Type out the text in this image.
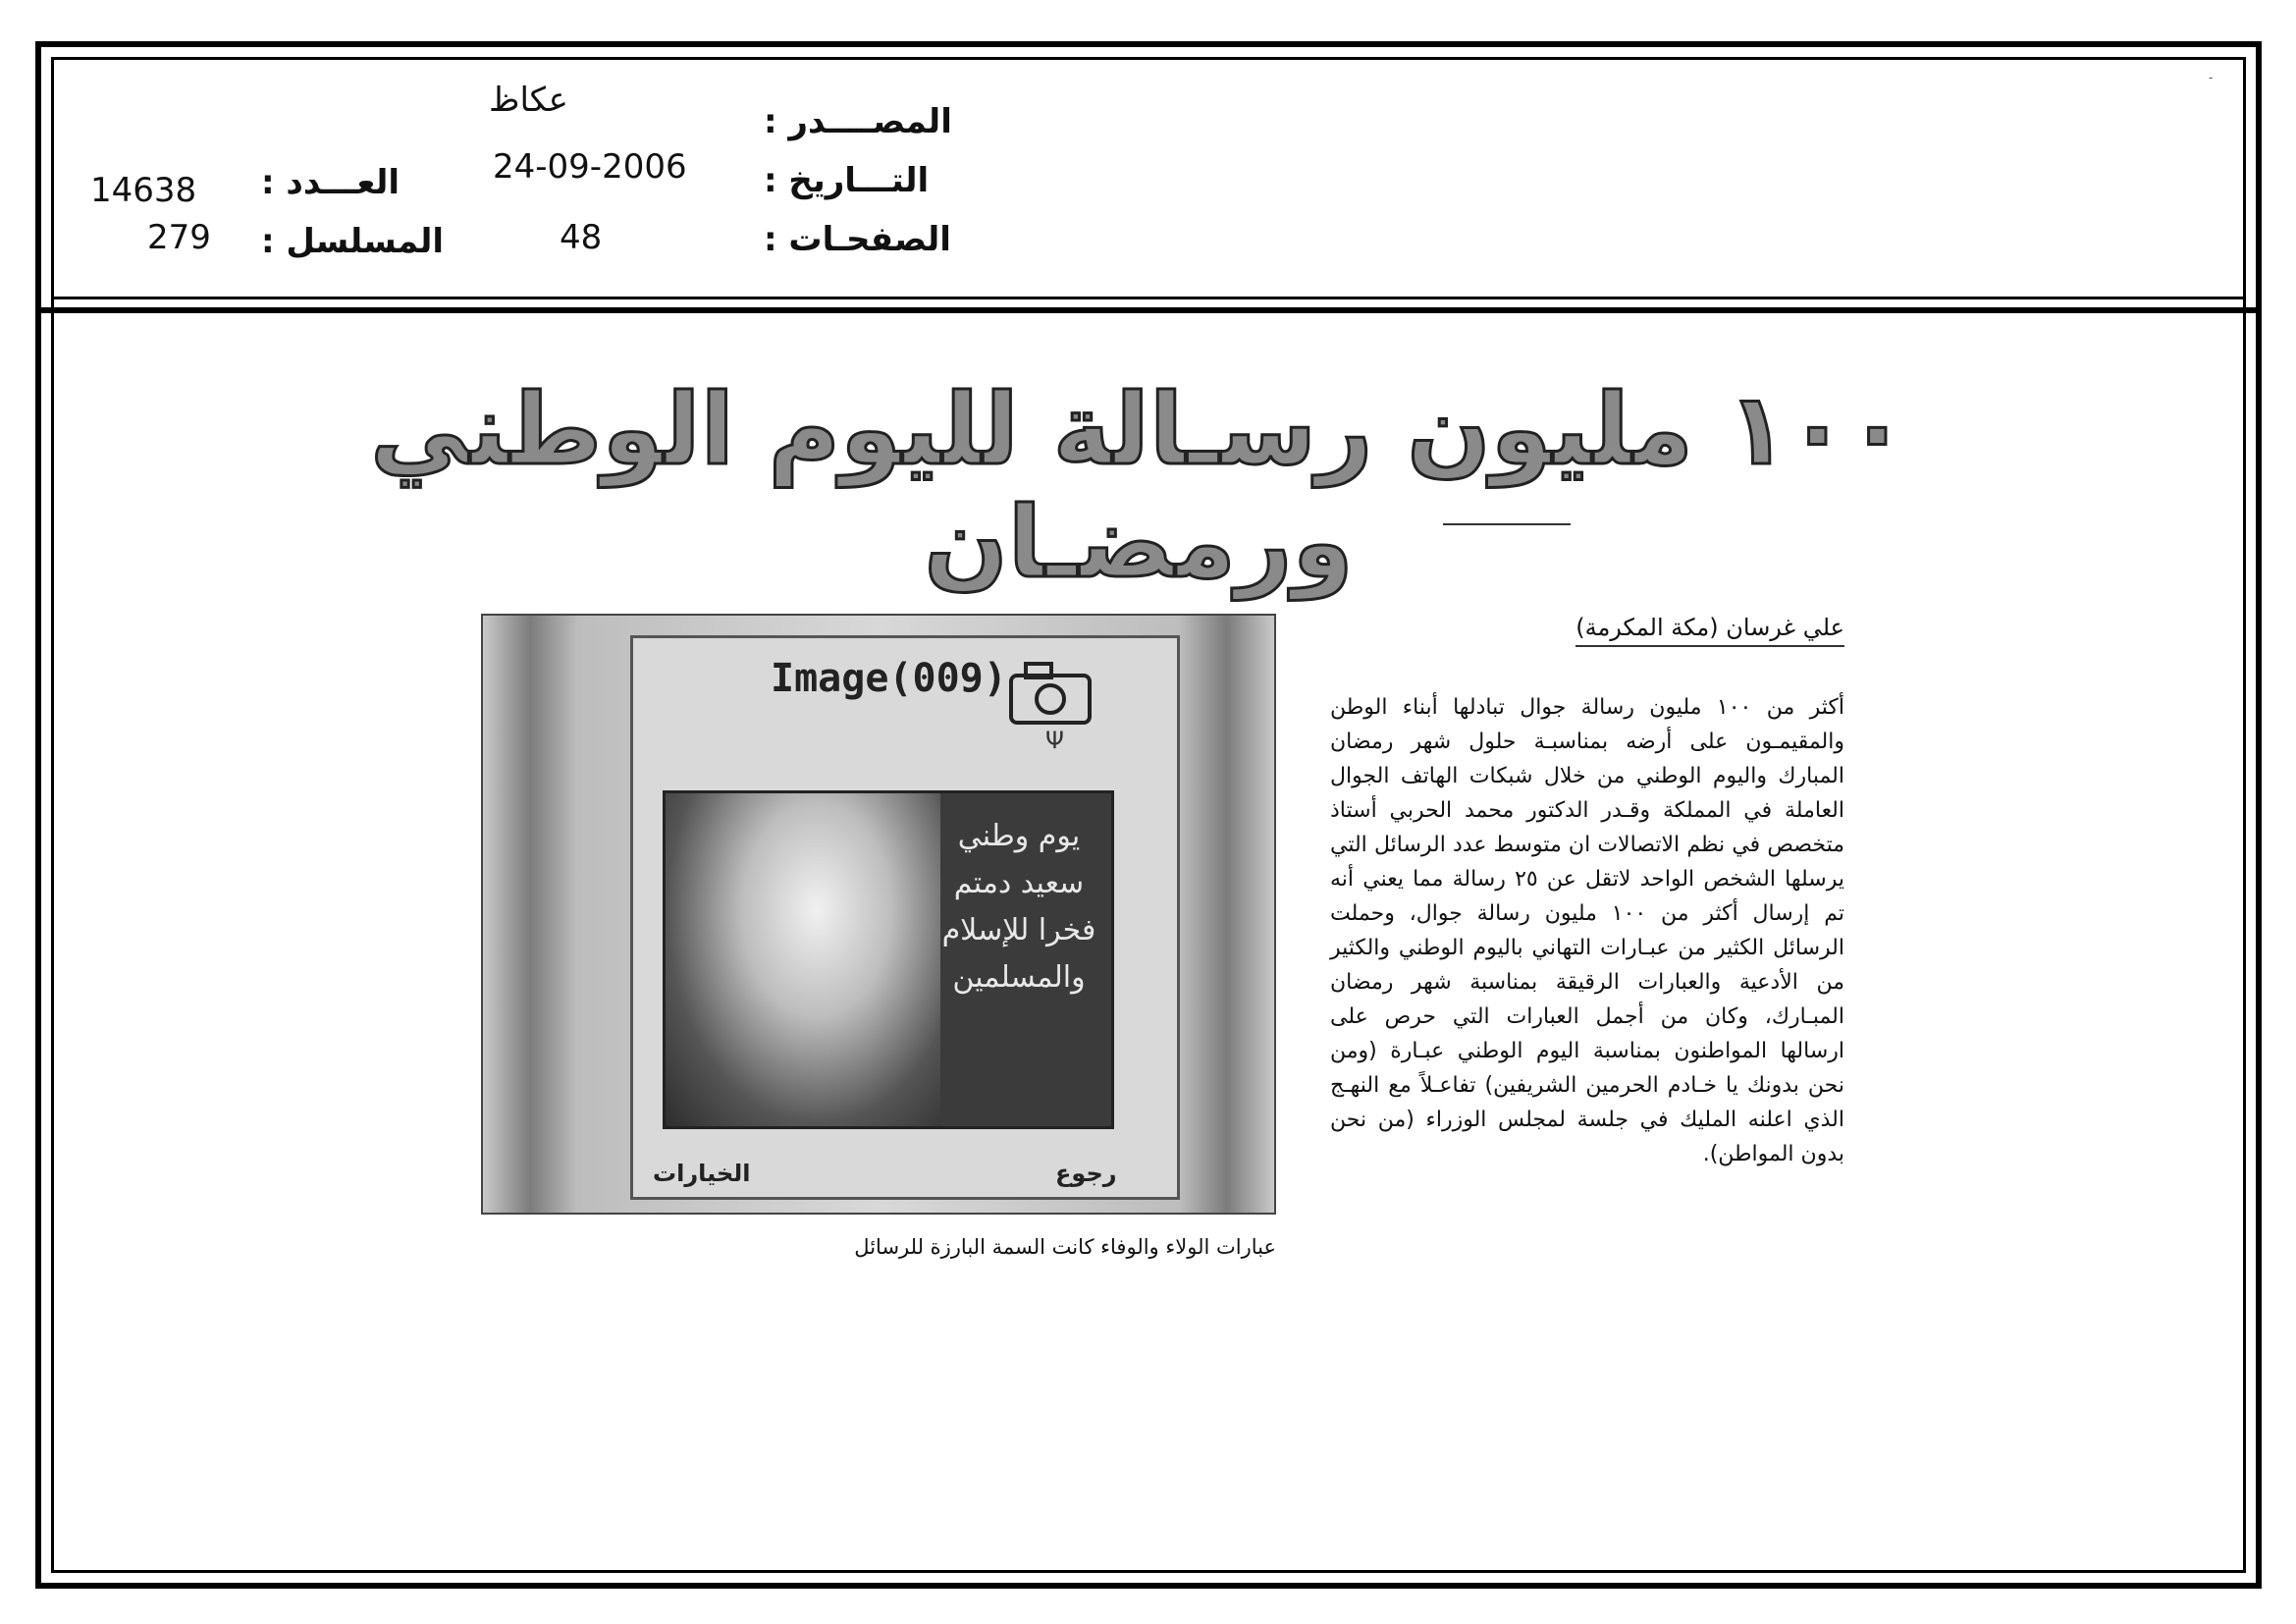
-
عكاظ
المصــــدر :
24-09-2006 التـــاريخ :
48	الصفحـات :
14638 العـــدد :
279 المسلسل :
١٠٠ مليون رسـالة لليوم الوطني ورمضـان
علي غرسان (مكة المكرمة)

أكثر من ١٠٠ مليون رسالة جوال تبادلها أبناء الوطن والمقيمـون على أرضه بمناسبـة حلول شهر رمضان المبارك واليوم الوطني من خلال شبكات الهاتف الجوال العاملة في المملكة وقـدر الدكتور محمد الحربي أستاذ متخصص في نظم الاتصالات ان متوسط عدد الرسائل التي يرسلها الشخص الواحد لاتقل عن ٢٥ رسالة مما يعني أنه تم إرسال أكثر من ١٠٠ مليون رسالة جوال، وحملت الرسائل الكثير من عبـارات التهاني باليوم الوطني والكثير من الأدعية والعبارات الرقيقة بمناسبة شهر رمضان المبـارك، وكان من أجمل العبارات التي حرص على ارسالها المواطنون بمناسبة اليوم الوطني عبـارة (ومن نحن بدونك يا خـادم الحرمين الشريفين) تفاعـلاً مع النهـج الذي اعلنه المليك في جلسة لمجلس الوزراء (من نحن بدون المواطن).

Image(009)
Ψ
يوم وطني سعيد دمتم فخرا للإسلام والمسلمين
رجوع
الخيارات
عبارات الولاء والوفاء كانت السمة البارزة للرسائل
